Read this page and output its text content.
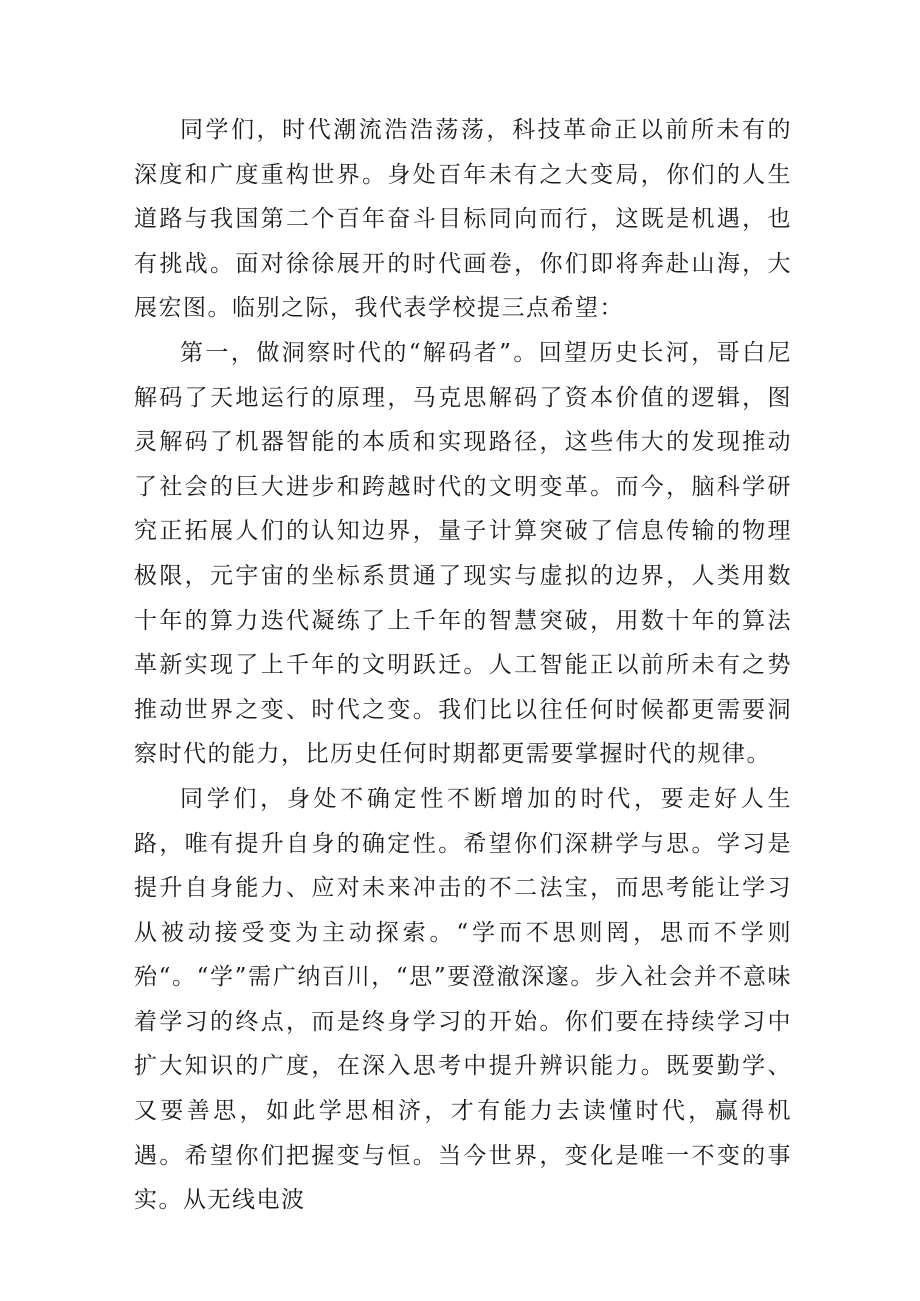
同学们，时代潮流浩浩荡荡，科技革命正以前所未有的深度和广度重构世界。身处百年未有之大变局，你们的人生道路与我国第二个百年奋斗目标同向而行，这既是机遇，也有挑战。面对徐徐展开的时代画卷，你们即将奔赴山海，大展宏图。临别之际，我代表学校提三点希望：

第一，做洞察时代的“解码者”。回望历史长河，哥白尼解码了天地运行的原理，马克思解码了资本价值的逻辑，图灵解码了机器智能的本质和实现路径，这些伟大的发现推动了社会的巨大进步和跨越时代的文明变革。而今，脑科学研究正拓展人们的认知边界，量子计算突破了信息传输的物理极限，元宇宙的坐标系贯通了现实与虚拟的边界，人类用数十年的算力迭代凝练了上千年的智慧突破，用数十年的算法革新实现了上千年的文明跃迁。人工智能正以前所未有之势推动世界之变、时代之变。我们比以往任何时候都更需要洞察时代的能力，比历史任何时期都更需要掌握时代的规律。

同学们，身处不确定性不断增加的时代，要走好人生路，唯有提升自身的确定性。希望你们深耕学与思。学习是提升自身能力、应对未来冲击的不二法宝，而思考能让学习从被动接受变为主动探索。“学而不思则罔，思而不学则殆“。“学”需广纳百川，“思”要澄澈深邃。步入社会并不意味着学习的终点，而是终身学习的开始。你们要在持续学习中扩大知识的广度，在深入思考中提升辨识能力。既要勤学、又要善思，如此学思相济，才有能力去读懂时代，赢得机遇。希望你们把握变与恒。当今世界，变化是唯一不变的事实。从无线电波
